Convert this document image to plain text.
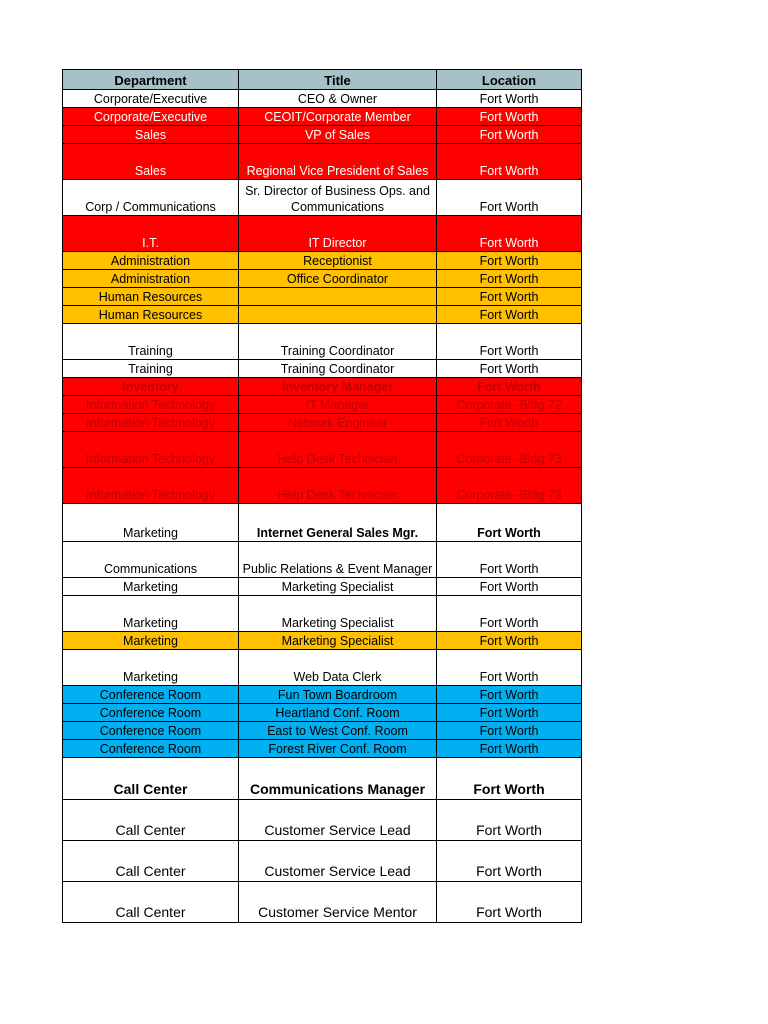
Department	Title	Location
Corporate/Executive	CEO & Owner	Fort Worth
Corporate/Executive	CEOIT/Corporate Member	Fort Worth
Sales	VP of Sales	Fort Worth
Sales	Regional Vice President of Sales	Fort Worth
Corp / Communications	Sr. Director of Business Ops. and Communications	Fort Worth
I.T.	IT Director	Fort Worth
Administration	Receptionist	Fort Worth
Administration	Office Coordinator	Fort Worth
Human Resources		Fort Worth
Human Resources		Fort Worth
Training	Training Coordinator	Fort Worth
Training	Training Coordinator	Fort Worth
Inventory	Inventory Manager	Fort Worth
Information Technology	IT Manager	Corporate -Bldg 72
Information Technology	Network Engineer	Fort Worth
Information Technology	Help Desk Technician	Corporate -Bldg 73
Information Technology	Help Desk Technician	Corporate -Bldg 73
Marketing	Internet General Sales Mgr.	Fort Worth
Communications	Public Relations & Event Manager	Fort Worth
Marketing	Marketing Specialist	Fort Worth
Marketing	Marketing Specialist	Fort Worth
Marketing	Marketing Specialist	Fort Worth
Marketing	Web Data Clerk	Fort Worth
Conference Room	Fun Town Boardroom	Fort Worth
Conference Room	Heartland Conf. Room	Fort Worth
Conference Room	East to West Conf. Room	Fort Worth
Conference Room	Forest River Conf. Room	Fort Worth
Call Center	Communications Manager	Fort Worth
Call Center	Customer Service Lead	Fort Worth
Call Center	Customer Service Lead	Fort Worth
Call Center	Customer Service Mentor	Fort Worth
